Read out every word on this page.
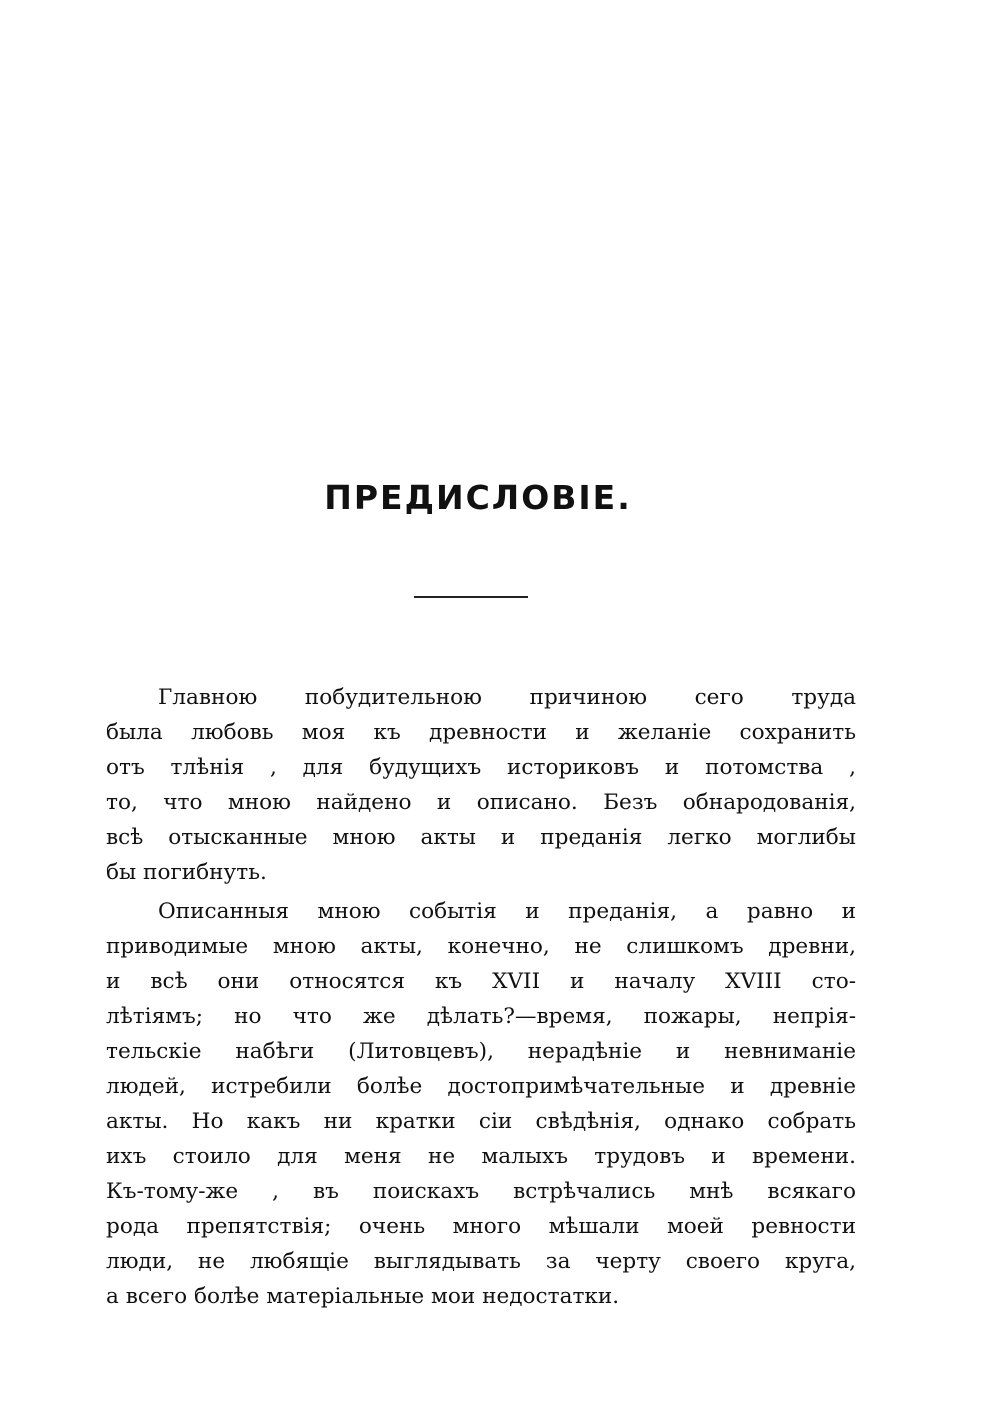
ПРЕДИСЛОВІЕ.
Главною побудительною причиною сего труда
была любовь моя къ древности и желаніе сохранить
отъ тлѣнія , для будущихъ историковъ и потомства ,
то, что мною найдено и описано. Безъ обнародованія,
всѣ отысканные мною акты и преданія легко моглибы
бы погибнуть.
Описанныя мною событія и преданія, а равно и
приводимые мною акты, конечно, не слишкомъ древни,
и всѣ они относятся къ XVII и началу XVIII сто-
лѣтіямъ; но что же дѣлать?—время, пожары, непрія-
тельскіе набѣги (Литовцевъ), нерадѣніе и невниманіе
людей, истребили болѣе достопримѣчательные и древніе
акты. Но какъ ни кратки сіи свѣдѣнія, однако собрать
ихъ стоило для меня не малыхъ трудовъ и времени.
Къ-тому-же , въ поискахъ встрѣчались мнѣ всякаго
рода препятствія; очень много мѣшали моей ревности
люди, не любящіе выглядывать за черту своего круга,
а всего болѣе матеріальные мои недостатки.
